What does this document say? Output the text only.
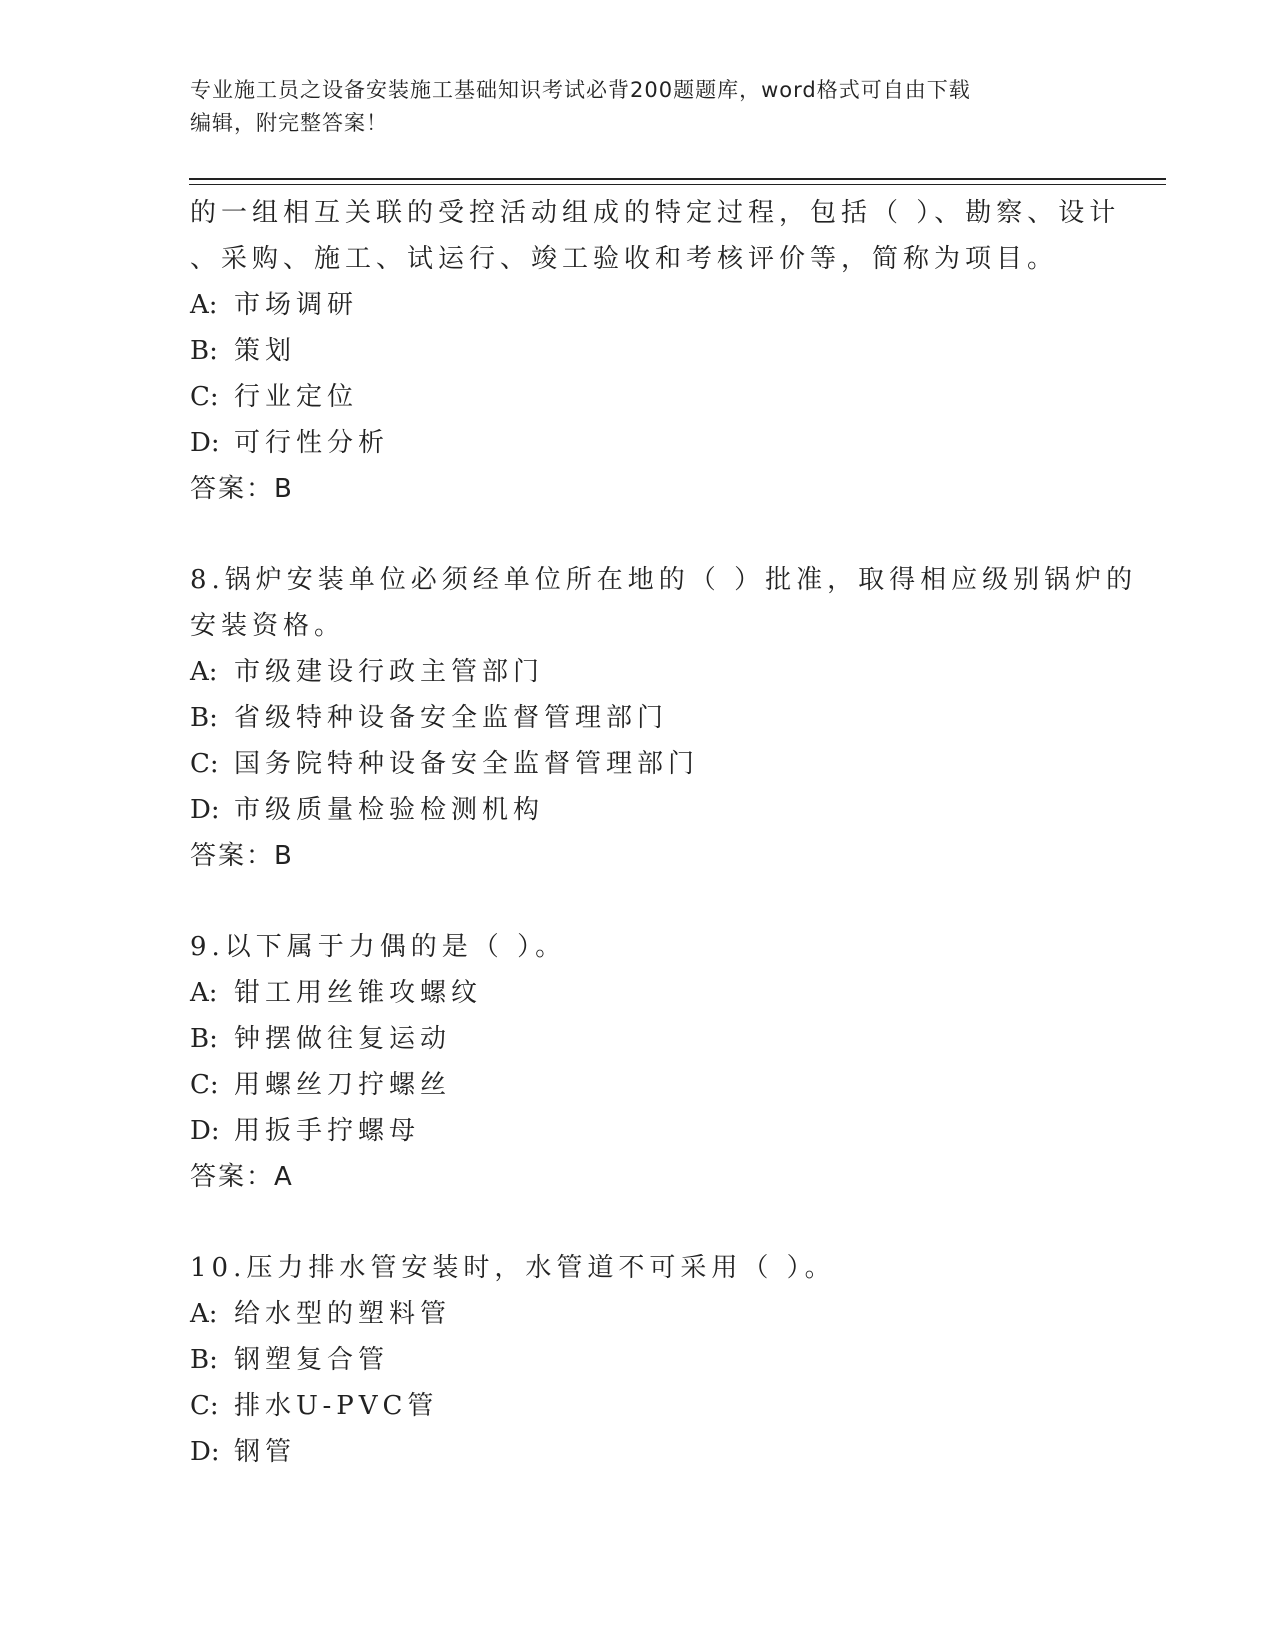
专业施工员之设备安装施工基础知识考试必背200题题库，word格式可自由下载
编辑，附完整答案！
的一组相互关联的受控活动组成的特定过程，包括（ ）、勘察、设计
、采购、施工、试运行、竣工验收和考核评价等，简称为项目。
A: 市场调研
B: 策划
C: 行业定位
D: 可行性分析
答案：B
8.锅炉安装单位必须经单位所在地的（ ）批准，取得相应级别锅炉的
安装资格。
A: 市级建设行政主管部门
B: 省级特种设备安全监督管理部门
C: 国务院特种设备安全监督管理部门
D: 市级质量检验检测机构
答案：B
9.以下属于力偶的是（ ）。
A: 钳工用丝锥攻螺纹
B: 钟摆做往复运动
C: 用螺丝刀拧螺丝
D: 用扳手拧螺母
答案：A
10.压力排水管安装时，水管道不可采用（ ）。
A: 给水型的塑料管
B: 钢塑复合管
C: 排水U-PVC管
D: 钢管
